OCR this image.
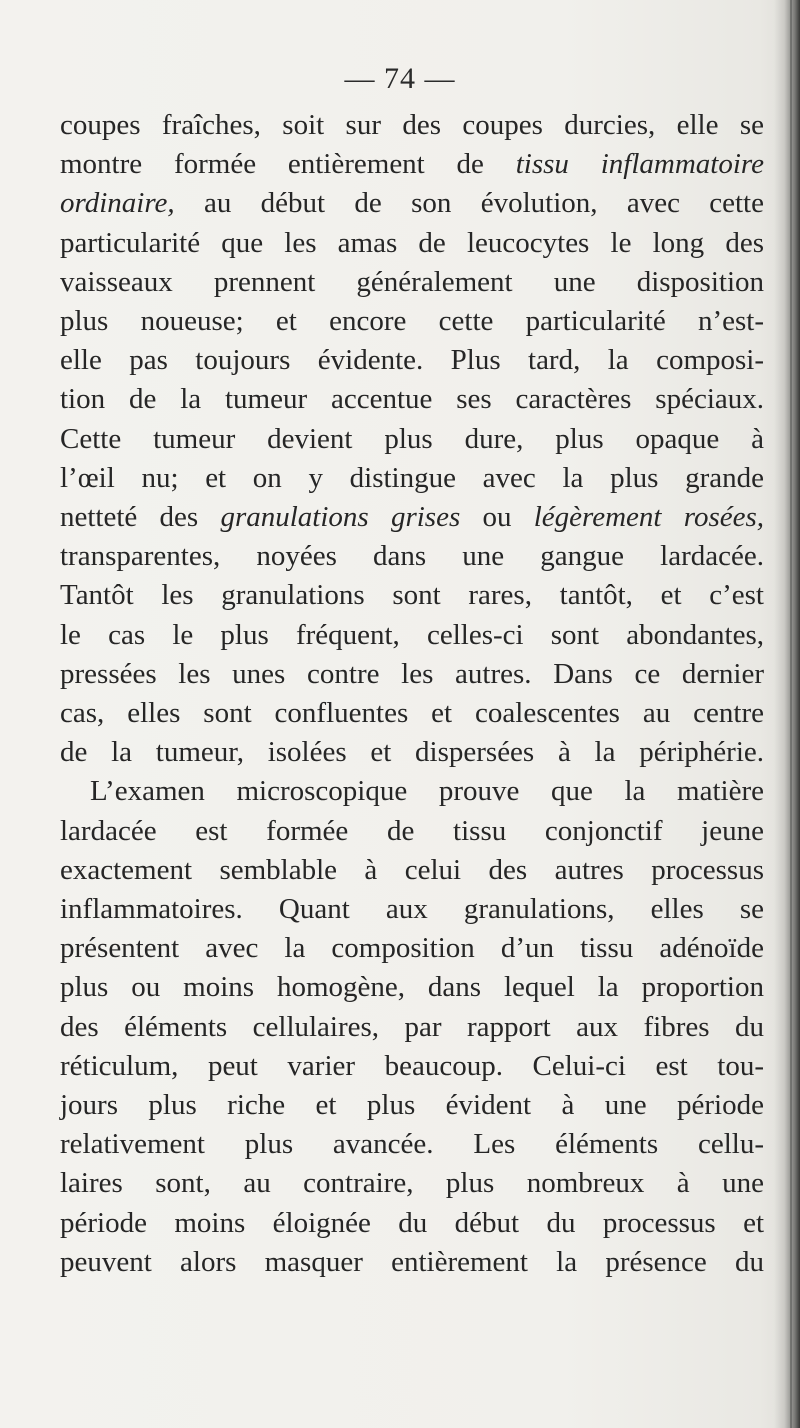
— 74 —
coupes fraîches, soit sur des coupes durcies, elle se
montre formée entièrement de tissu inflammatoire
ordinaire, au début de son évolution, avec cette
particularité que les amas de leucocytes le long des
vaisseaux prennent généralement une disposition
plus noueuse; et encore cette particularité n’est-
elle pas toujours évidente. Plus tard, la composi-
tion de la tumeur accentue ses caractères spéciaux.
Cette tumeur devient plus dure, plus opaque à
l’œil nu; et on y distingue avec la plus grande
netteté des granulations grises ou légèrement rosées,
transparentes, noyées dans une gangue lardacée.
Tantôt les granulations sont rares, tantôt, et c’est
le cas le plus fréquent, celles-ci sont abondantes,
pressées les unes contre les autres. Dans ce dernier
cas, elles sont confluentes et coalescentes au centre
de la tumeur, isolées et dispersées à la périphérie.
L’examen microscopique prouve que la matière
lardacée est formée de tissu conjonctif jeune
exactement semblable à celui des autres processus
inflammatoires. Quant aux granulations, elles se
présentent avec la composition d’un tissu adénoïde
plus ou moins homogène, dans lequel la proportion
des éléments cellulaires, par rapport aux fibres du
réticulum, peut varier beaucoup. Celui-ci est tou-
jours plus riche et plus évident à une période
relativement plus avancée. Les éléments cellu-
laires sont, au contraire, plus nombreux à une
période moins éloignée du début du processus et
peuvent alors masquer entièrement la présence du
